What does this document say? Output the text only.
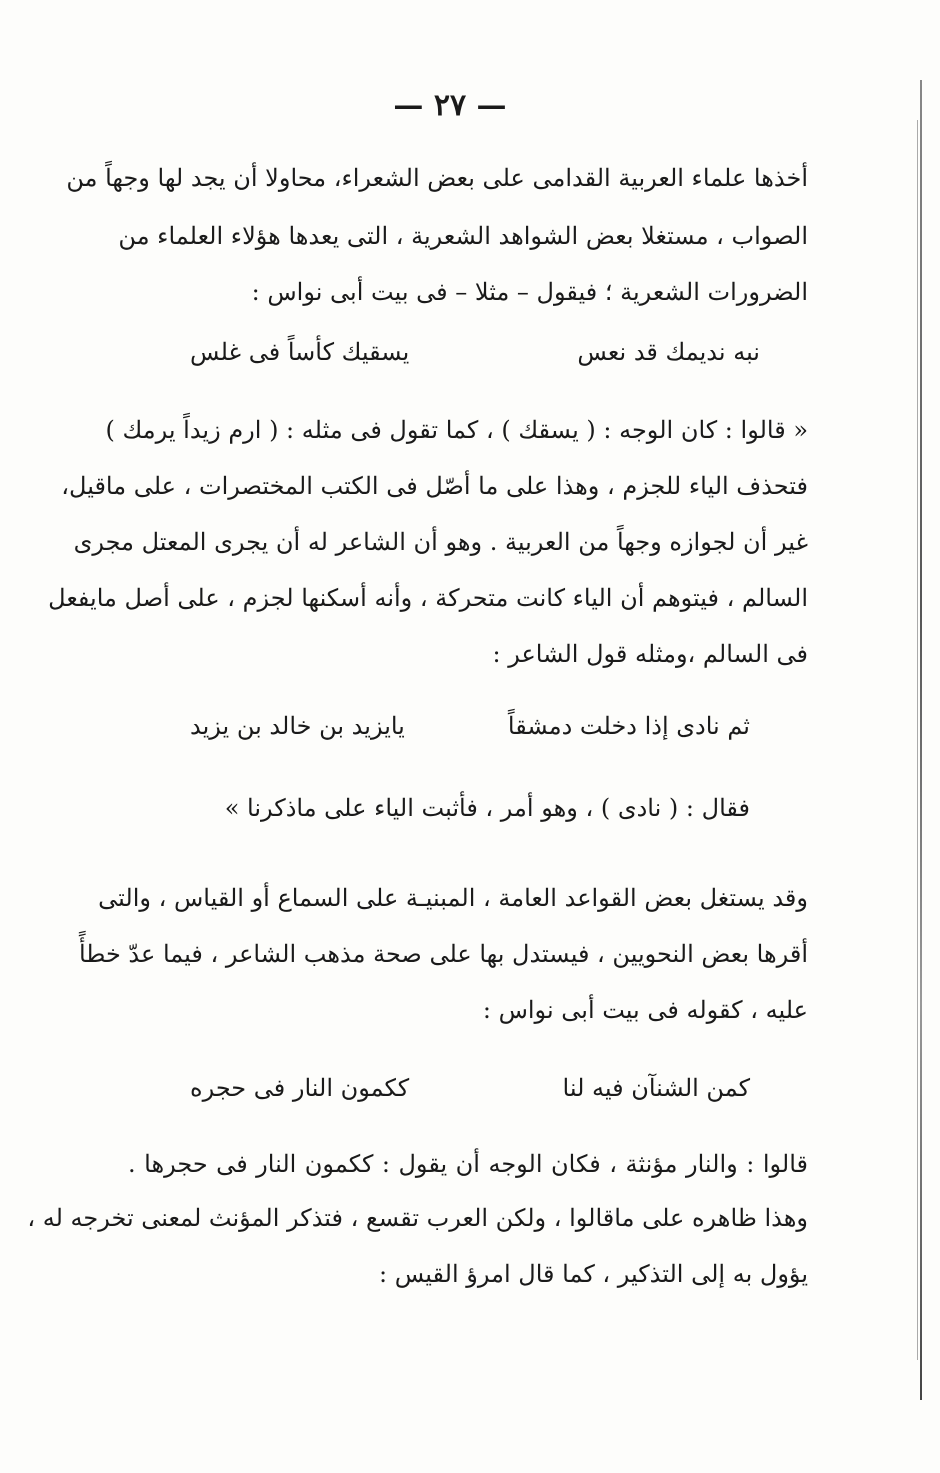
— ٢٧ —
أخذها علماء العربية القدامى على بعض الشعراء، محاولا أن يجد لها وجهاً من
الصواب ، مستغلا بعض الشواهد الشعرية ، التى يعدها هؤلاء العلماء من
الضرورات الشعرية ؛ فيقول – مثلا – فى بيت أبى نواس :
نبه نديمك قد نعس
يسقيك كأساً فى غلس
« قالوا : كان الوجه : ( يسقك ) ، كما تقول فى مثله : ( ارم زيداً يرمك )
فتحذف الياء للجزم ، وهذا على ما أصّل فى الكتب المختصرات ، على ماقيل،
غير أن لجوازه وجهاً من العربية . وهو أن الشاعر له أن يجرى المعتل مجرى
السالم ، فيتوهم أن الياء كانت متحركة ، وأنه أسكنها لجزم ، على أصل مايفعل
فى السالم ،ومثله قول الشاعر :
ثم نادى إذا دخلت دمشقاً
يايزيد بن خالد بن يزيد
فقال : ( نادى ) ، وهو أمر ، فأثبت الياء على ماذكرنا »
وقد يستغل بعض القواعد العامة ، المبنيـة على السماع أو القياس ، والتى
أقرها بعض النحويين ، فيستدل بها على صحة مذهب الشاعر ، فيما عدّ خطأً
عليه ، كقوله فى بيت أبى نواس :
كمن الشنآن فيه لنا
ككمون النار فى حجره
قالوا : والنار مؤنثة ، فكان الوجه أن يقول : ككمون النار فى حجرها .
وهذا ظاهره على ماقالوا ، ولكن العرب تقسع ، فتذكر المؤنث لمعنى تخرجه له ،
يؤول به إلى التذكير ، كما قال امرؤ القيس :
